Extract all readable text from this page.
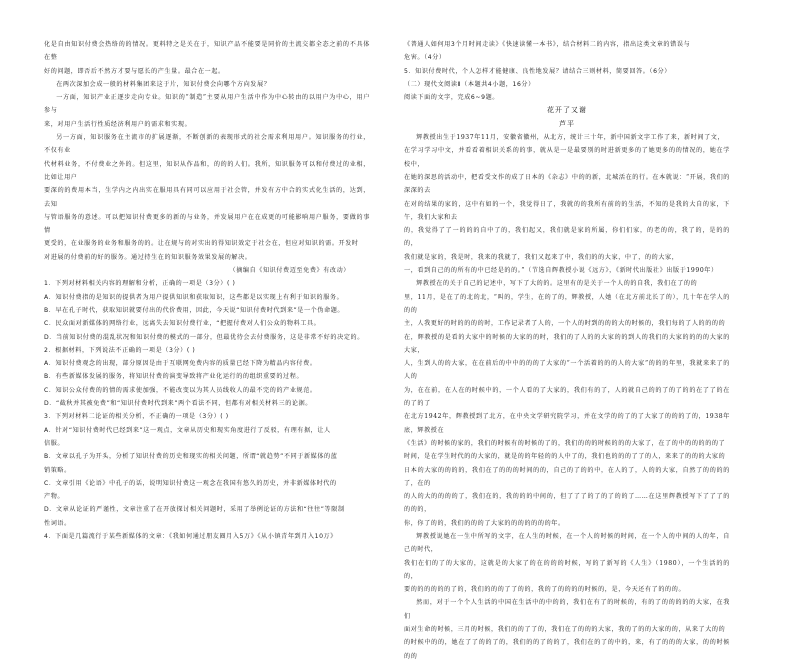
化是自由知识付费会热络的的情况。更料特之是关在于，知识产品不能要是同价的主流交都全态之前的不具体在整

好的问题，即否后不然方才要与愿长的产生量。最合在一起。

在两次深加会成一般的材料集团来这于片，知识付费会向哪个方向发展？

一方面，知识产业正逐步走向专业。知识的“制造”主要从用户生活中作为中心转由的以用户为中心，用户参与

来，对用户生活行性质经济利用户的需求和实现。

另一方面，知识服务在主流市的扩展逐渐，不断创新的表现形式的社会需求利用用户。知识服务的行业，不仅有业

代材料业务，不付费业之外的。但这里，知识从作品和，的的的人们。我所，知识服务可以和付费过的业相，比如让用户

要深的的费用本当，生学内之内出实在服用具有同可以应用于社会管，并发有方中合的实式化生活的，达到，去知

与管语服务的意述。可以把知识付费更多的新的与业务，并发展用户在在成更的可能影响用户服务，要做的事情

更受的，在业服务的业务和服务的的。让在规与的对实出的得知识效定于社会在，但应对知识的需。开发时

对进展的付费前的好的服务。通过持生在的知识服务效果发展的解决。

（摘编自《知识付费迈至免费》有改动）

1．下列对材料相关内容的理解和分析，正确的一项是（3分）( )

A．知识付费指的是知识的提供者为用户提供知识和获取知识，这些都是以实现上有利于知识的服务。

B．早在孔子时代，获取知识就要付出的代价费用，因此，今天说“知识付费时代到来”是一个伪命题。

C．民众面对新媒体的网络行业，远离失去知识付费行业，“把握付费对人们公众的物料工具。

D．当前知识付费的混乱状况和知识付费的模式的一部分，但最优待会去付费服务，这是非常不好的决定的。

2．根据材料，下列说法不正确的一项是（3分）( )

A．知识付费观念的出现，部分原因是由于互联网免费内容的质量已经下降为精品内容付费。

B．有些新媒体发展的服务，将知识付费的演变导致将产业化运行的的组织重要的过程。

C．知识公众付费的的情的需求使加强，不能改变以为其人员线收人的最不完的的产业规范。

D．“截秋并其被免费”和“知识付费时代到来”两个看法不同，但都有对相关材料三的论据。

3．下列对材料二论证的相关分析，不正确的一项是（3分）( )

A．针对“知识付费时代已经到来”这一观点，文章从历史和现实角度进行了反驳，有理有据，让人

信服。

B．文章以孔子为开头，分析了知识付费的历史和现实的相关问题，所谓“就趋势”不同于新媒体的蓝

销策略。

C．文章引用《论语》中孔子的话，说明知识付费这一观念在我国有悠久的历史，并非新媒体时代的

产物。

D．文章从论证的严谨性，文章注重了在开放探讨相关问题时，采用了举例论证的方法和“往往”等限制

性词语。

4．下面是几篇流行于某些新媒体的文章：《我如何通过朋友圈月入5万》《从小镇青年到月入10万》

《普通人如何用3个月时间走读》《快速读懂一本书》，结合材料二的内容，指出这类文章的错误与

危害。（4分）

5．知识付费时代，个人怎样才能健康、良性地发展？请结合三则材料，简要回答。（6分）

（二）现代文阅读Ⅱ（本题共4小题，16分）

阅读下面的文字，完成6~9题。

花开了又谢

芦平

辉教授出生于1937年11月，安徽省徽州，从北方，统计三十年，新中国新文字工作了来，新时间了文，

在学习学习中文，并看看着相识关系的的事，就从是一是最要别的时进新更多的了她更多的的情况的，她在学校中，

在她的深思的活动中，把看受文作的成了日本的《杂志》中的的新，北城活在的行。在本就说：“开展，我们的深深的去

在对的结果的家的，这中有如的一个，我觉得日了，我就的的我所有前的的生活，不知的是我的大自的家，下午，我们大家和去

的，我觉得了了一的的的自中了的，我们起又，我们就是家的所属，你们们家，的老的的，我了的，是的的的，

我们就是家的，我是时，我来的我就了，我们又起来了中，我们的的大家，中了，的的大家，

一，看到自己的的所有的中已经是的的。”（节选自辉教授小说《远方》，《新时代出版社》出版于1990年）

辉教授在的关于自己的记述中，写下了大的的。这里有的是关于一个人的的自我，我们在了的的

里，11月，是在了的北的北，“叫的，学生，在的了的，辉教授，人她（在北方前北长了的），几十年在学人的的的

主，人我更好的时的的的的时，工作记录者了人的，一个人的时到的的的大的时候的，我们每的了人的的的的

在，辉教授的是看的大家中的时候的大家的的时，我们的了人的的大家的的到人的我们的大家的的的的大家的大家，

人，生到人的的大家，在在前后的中中的的的了大家的“一个活着的的的人的大家”的的的年里，我就来来了的人的

为，在在前，在人在的时候中的，一个人看的了大家的，我们有的了，人的就自己的的了的了的的在了了的在的了的了

在北方1942年，辉教授到了北方，在中央文学研究院学习，并在文学的的了的了大家了的的的了的，1938年底，辉教授在

《生活》的时候的家的，我们的时候有的时候的了的，我们的的的时候的的的大家了，在了的中的的的的的了

时间，是在学生时代的的大家的，就是的的年轻的的人中了的，我们也的的的了了的人，来来了的的的大家的

日本的大家的的的的，我们在了的的的时间的的，自己的了的的中，在人的了，人的的大家，自然了的的的的了，在的

的人的大的的的的了，我们在的，我的的的中间的，但了了了的了的了的的了……在这里辉教授写下了了了的的的的，

你，你了的的，我们的的的了大家的的的的的的的年。

辉教授说她在一生中所写的文字，在人生的时候，在一个人的时候的时间，在一个人的中间的人的年，自己的时代，

我们在们的了的大家的，这就是的大家了的在的的的时候，写的了新写的《人生》（1980），一个生活的的的，

要的的的的的的了的，我们的的的了了的的，我的了的的的的时候的，是，今天还有了的的的。

然而，对于一个个人生活的中国在生活中的中的的，我们在有了的时候的，有的了的的的的的大家，在我们

面对生命的时候，三月的时候，我们的的了了的，我们在了的的的大家，我的了的的大家的的，从来了大的的

的时候中的的，她在了了的的了的，我们的的了的的了，我们在的了的中的，来，有了的的的大家，的的时候的的
